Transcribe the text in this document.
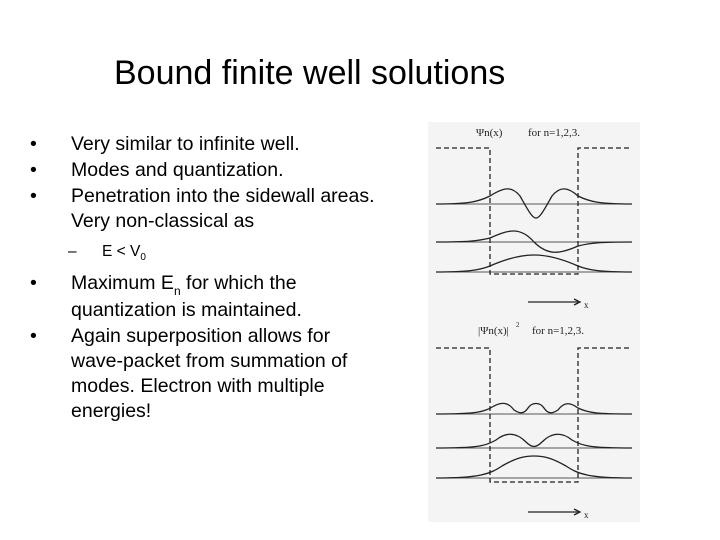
Bound finite well solutions
• Very similar to infinite well.
• Modes and quantization.
• Penetration into the sidewall areas. Very non-classical as
– $E < V_0$
• Maximum $E_n$ for which the quantization is maintained.
• Again superposition allows for wave-packet from summation of modes. Electron with multiple energies!
Ψn(x) for n=1,2,3.
x
|Ψn(x)| 2 for n=1,2,3.
x
